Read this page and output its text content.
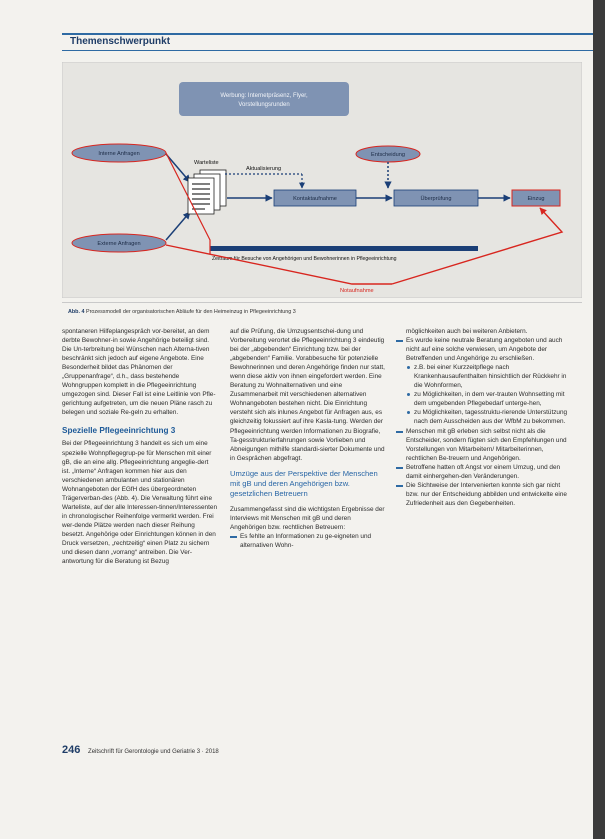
Themenschwerpunkt
Werbung: Internetpräsenz, Flyer,
Vorstellungsrunden
Interne Anfragen
Externe Anfragen
Warteliste
Aktualisierung
Kontaktaufnahme	Überprüfung	Einzug
Entscheidung
Zeitraum für Besuche von Angehörigen und Bewohnerinnen in Pflegeeinrichtung
Notaufnahme
Abb. 4 Prozessmodell der organisatorischen Abläufe für den Heimeinzug in Pflegeeinrichtung 3

spontaneren Hilfeplangespräch vor-bereitet, an dem derbte Bewohner-in sowie Angehörige beteiligt sind. Die Un-terbreitung bei Wünschen nach Alterna-tiven beschränkt sich jedoch auf eigene Angebote. Eine Besonderheit bildet das Phänomen der „Gruppenanfrage“, d.h., dass bestehende Wohngruppen komplett in die Pflegeeinrichtung umgezogen sind. Dieser Fall ist eine Leitlinie von Pfle-gerichtung aufgetreten, um die neuen Pläne rasch zu belegen und soziale Re-geln zu erhalten.

Spezielle Pflegeeinrichtung 3

Bei der Pflegeeinrichtung 3 handelt es sich um eine spezielle Wohnpflegegrup-pe für Menschen mit einer gB, die an eine allg. Pflegeeinrichtung angeglie-dert ist. „Interne“ Anfragen kommen hier aus den verschiedenen ambulanten und stationären Wohnangeboten der EGfH des übergeordneten Trägerverban-des (Abb. 4). Die Verwaltung führt eine Warteliste, auf der alle Interessen-tinnen/Interessenten in chronologischer Reihenfolge vermerkt werden. Frei wer-dende Plätze werden nach dieser Reihung besetzt. Angehörige oder Einrichtungen können in den Druck versetzen, „rechtzeitig“ einen Platz zu sichern und diesen dann „vorrang“ antreiben. Die Ver-antwortung für die Beratung ist Bezug

auf die Prüfung, die Umzugsentschei-dung und Vorbereitung verortet die Pflegeeinrichtung 3 eindeutig bei der „abgebenden“ Einrichtung bzw. bei der „abgebenden“ Familie. Vorabbesuche für potenzielle Bewohnerinnen und deren Angehörige finden nur statt, wenn diese aktiv von ihnen eingefordert werden. Eine Beratung zu Wohnalternativen und eine Zusammenarbeit mit verschiedenen alternativen Wohnangeboten bestehen nicht. Die Einrichtung versteht sich als inlunes Angebot für Anfragen aus, es gleichzeitig fokussiert auf ihre Kasla-tung. Werden der Pflegeeinrichtung werden Informationen zu Biografie, Ta-gesstrukturierfahrungen sowie Vorlieben und Abneigungen mithilfe standardi-sierter Dokumente und in Gesprächen abgefragt.

Umzüge aus der Perspektive der Menschen mit gB und deren Angehörigen bzw. gesetzlichen Betreuern

Zusammengefasst sind die wichtigsten Ergebnisse der Interviews mit Menschen mit gB und deren Angehörigen bzw. rechtlichen Betreuern:

Es fehlte an Informationen zu ge-eigneten und alternativen Wohn-

möglichkeiten auch bei weiteren Anbietern.

Es wurde keine neutrale Beratung angeboten und auch nicht auf eine solche verwiesen, um Angebote der Betreffenden und Angehörige zu erschließen.
z.B. bei einer Kurzzeitpflege nach Krankenhausaufenthalten hinsichtlich der Rückkehr in die Wohnformen,
zu Möglichkeiten, in dem ver-trauten Wohnsetting mit dem umgebenden Pflegebedarf unterge-hen,
zu Möglichkeiten, tagesstruktu-rierende Unterstützung nach dem Ausscheiden aus der WfbM zu bekommen.
Menschen mit gB erleben sich selbst nicht als die Entscheider, sondern fügten sich den Empfehlungen und Vorstellungen von Mitarbeitern/ Mitarbeiterinnen, rechtlichen Be-treuern und Angehörigen.
Betroffene hatten oft Angst vor einem Umzug, und den damit einhergehen-den Veränderungen.
Die Sichtweise der Intervenierten konnte sich gar nicht bzw. nur der Entscheidung abbilden und entwickelte eine Zufriedenheit aus den Gegebenheiten.
246 Zeitschrift für Gerontologie und Geriatrie 3 · 2018
